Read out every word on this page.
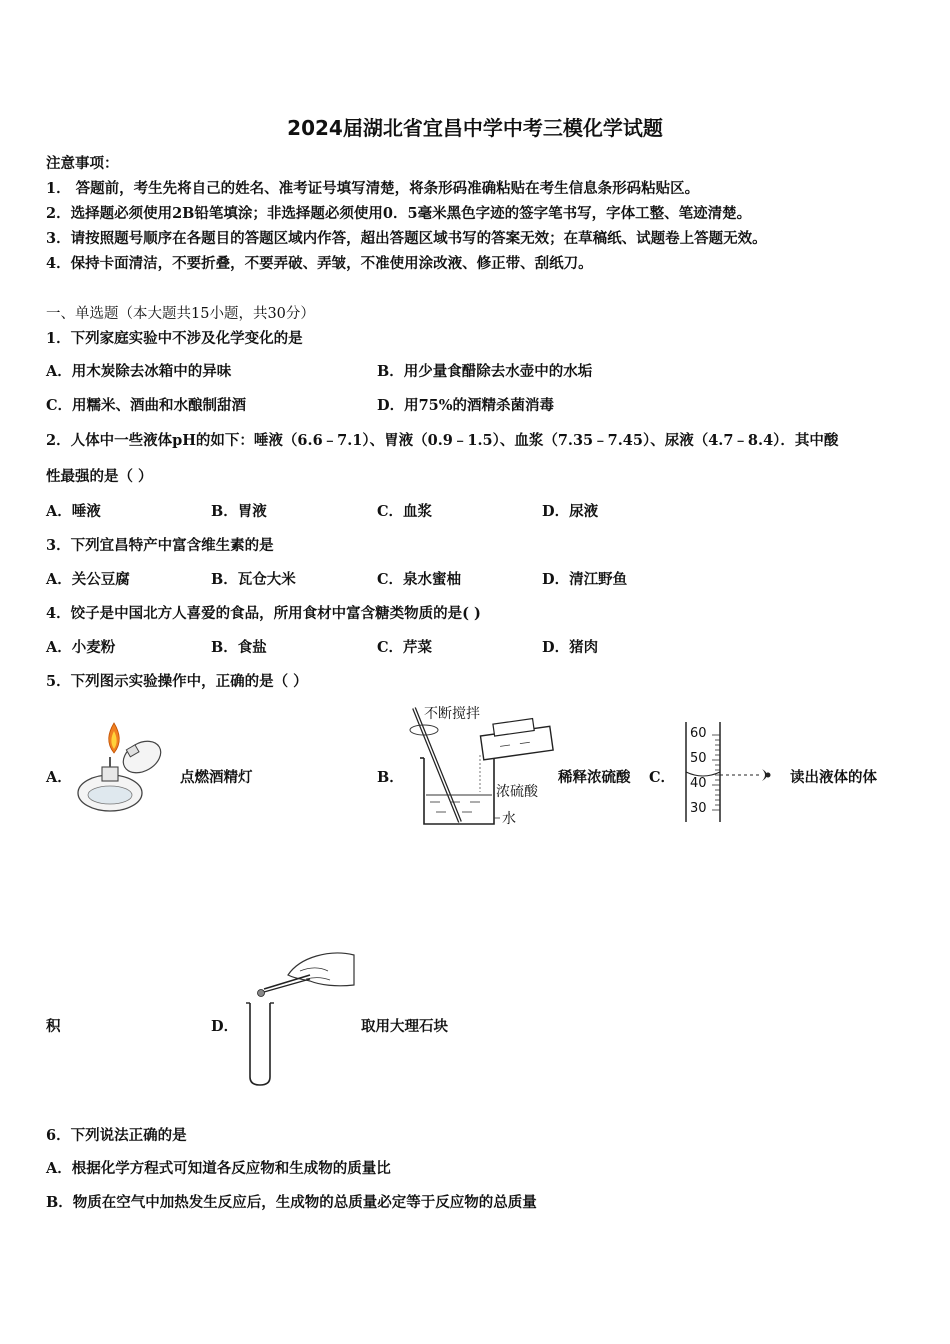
2024届湖北省宜昌中学中考三模化学试题
注意事项：
1． 答题前，考生先将自己的姓名、准考证号填写清楚，将条形码准确粘贴在考生信息条形码粘贴区。
2．选择题必须使用2B铅笔填涂；非选择题必须使用0．5毫米黑色字迹的签字笔书写，字体工整、笔迹清楚。
3．请按照题号顺序在各题目的答题区域内作答，超出答题区域书写的答案无效；在草稿纸、试题卷上答题无效。
4．保持卡面清洁，不要折叠，不要弄破、弄皱，不准使用涂改液、修正带、刮纸刀。
一、单选题（本大题共15小题，共30分）
1．下列家庭实验中不涉及化学变化的是
A．用木炭除去冰箱中的异味	B．用少量食醋除去水壶中的水垢
C．用糯米、酒曲和水酿制甜酒	D．用75%的酒精杀菌消毒
2．人体中一些液体pH的如下：唾液（6.6﹣7.1）、胃液（0.9﹣1.5）、血浆（7.35﹣7.45）、尿液（4.7﹣8.4）．其中酸
性最强的是（ ）
A．唾液	B．胃液	C．血浆	D．尿液
3．下列宜昌特产中富含维生素的是
A．关公豆腐	B．瓦仓大米	C．泉水蜜柚	D．清江野鱼
4．饺子是中国北方人喜爱的食品，所用食材中富含糖类物质的是( )
A．小麦粉	B．食盐	C．芹菜	D．猪肉
5．下列图示实验操作中，正确的是（ ）
A．	点燃酒精灯	B．
不断搅拌
浓硫酸
水
稀释浓硫酸 C．
60
50
40
30
读出液体的体
积	D．	取用大理石块
6．下列说法正确的是
A．根据化学方程式可知道各反应物和生成物的质量比
B．物质在空气中加热发生反应后，生成物的总质量必定等于反应物的总质量
